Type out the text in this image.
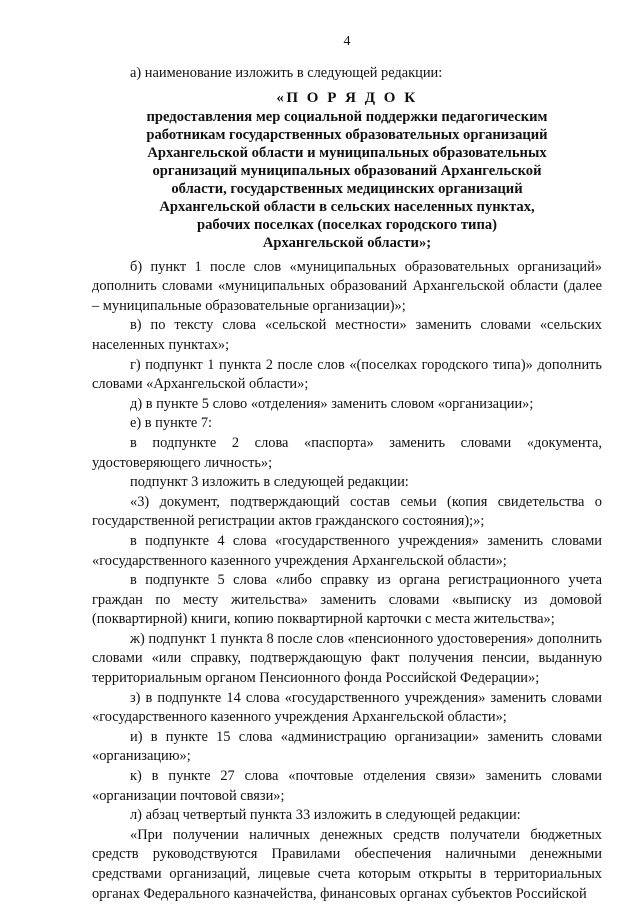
4

а) наименование изложить в следующей редакции:

«П О Р Я Д О К

предоставления мер социальной поддержки педагогическим

работникам государственных образовательных организаций

Архангельской области и муниципальных образовательных

организаций муниципальных образований Архангельской

области, государственных медицинских организаций

Архангельской области в сельских населенных пунктах,

рабочих поселках (поселках городского типа)

Архангельской области»;

б) пункт 1 после слов «муниципальных образовательных организаций» дополнить словами «муниципальных образований Архангельской области (далее – муниципальные образовательные организации)»;

в) по тексту слова «сельской местности» заменить словами «сельских населенных пунктах»;

г) подпункт 1 пункта 2 после слов «(поселках городского типа)» дополнить словами «Архангельской области»;

д) в пункте 5 слово «отделения» заменить словом «организации»;

е) в пункте 7:

в подпункте 2 слова «паспорта» заменить словами «документа, удостоверяющего личность»;

подпункт 3 изложить в следующей редакции:

«3) документ, подтверждающий состав семьи (копия свидетельства о государственной регистрации актов гражданского состояния);»;

в подпункте 4 слова «государственного учреждения» заменить словами «государственного казенного учреждения Архангельской области»;

в подпункте 5 слова «либо справку из органа регистрационного учета граждан по месту жительства» заменить словами «выписку из домовой (поквартирной) книги, копию поквартирной карточки с места жительства»;

ж) подпункт 1 пункта 8 после слов «пенсионного удостоверения» дополнить словами «или справку, подтверждающую факт получения пенсии, выданную территориальным органом Пенсионного фонда Российской Федерации»;

з) в подпункте 14 слова «государственного учреждения» заменить словами «государственного казенного учреждения Архангельской области»;

и) в пункте 15 слова «администрацию организации» заменить словами «организацию»;

к) в пункте 27 слова «почтовые отделения связи» заменить словами «организации почтовой связи»;

л) абзац четвертый пункта 33 изложить в следующей редакции:

«При получении наличных денежных средств получатели бюджетных средств руководствуются Правилами обеспечения наличными денежными средствами организаций, лицевые счета которым открыты в территориальных органах Федерального казначейства, финансовых органах субъектов Российской
